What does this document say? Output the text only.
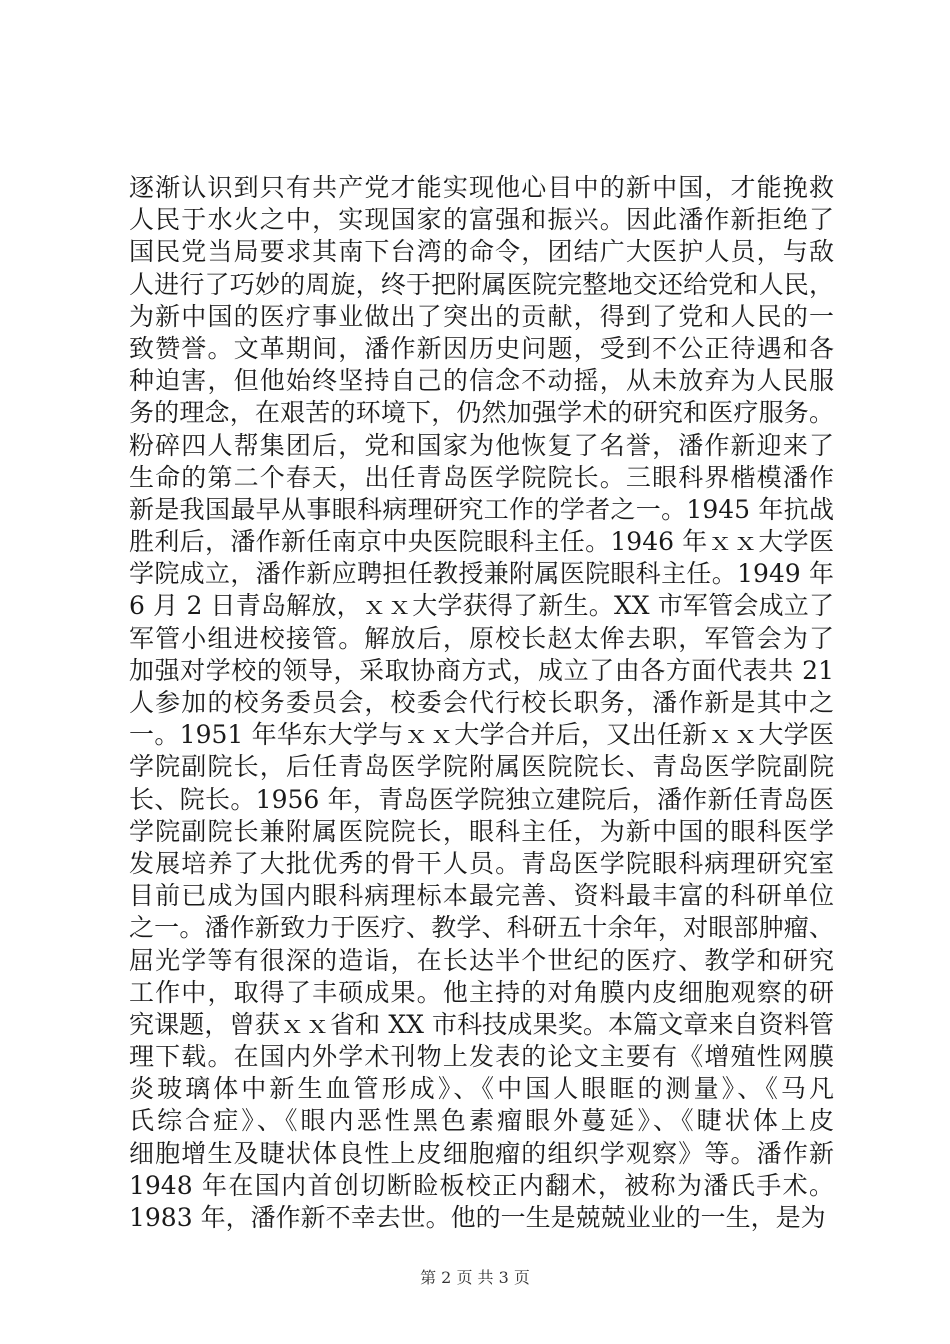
逐渐认识到只有共产党才能实现他心目中的新中国，才能挽救
人民于水火之中，实现国家的富强和振兴。因此潘作新拒绝了
国民党当局要求其南下台湾的命令，团结广大医护人员，与敌
人进行了巧妙的周旋，终于把附属医院完整地交还给党和人民，
为新中国的医疗事业做出了突出的贡献，得到了党和人民的一
致赞誉。文革期间，潘作新因历史问题，受到不公正待遇和各
种迫害，但他始终坚持自己的信念不动摇，从未放弃为人民服
务的理念，在艰苦的环境下，仍然加强学术的研究和医疗服务。
粉碎四人帮集团后，党和国家为他恢复了名誉，潘作新迎来了
生命的第二个春天，出任青岛医学院院长。三眼科界楷模潘作
新是我国最早从事眼科病理研究工作的学者之一。1945 年抗战
胜利后，潘作新任南京中央医院眼科主任。1946 年ｘｘ大学医
学院成立，潘作新应聘担任教授兼附属医院眼科主任。1949 年
6 月 2 日青岛解放，ｘｘ大学获得了新生。XX 市军管会成立了
军管小组进校接管。解放后，原校长赵太侔去职，军管会为了
加强对学校的领导，采取协商方式，成立了由各方面代表共 21
人参加的校务委员会，校委会代行校长职务，潘作新是其中之
一。1951 年华东大学与ｘｘ大学合并后，又出任新ｘｘ大学医
学院副院长，后任青岛医学院附属医院院长、青岛医学院副院
长、院长。1956 年，青岛医学院独立建院后，潘作新任青岛医
学院副院长兼附属医院院长，眼科主任，为新中国的眼科医学
发展培养了大批优秀的骨干人员。青岛医学院眼科病理研究室
目前已成为国内眼科病理标本最完善、资料最丰富的科研单位
之一。潘作新致力于医疗、教学、科研五十余年，对眼部肿瘤、
屈光学等有很深的造诣，在长达半个世纪的医疗、教学和研究
工作中，取得了丰硕成果。他主持的对角膜内皮细胞观察的研
究课题，曾获ｘｘ省和 XX 市科技成果奖。本篇文章来自资料管
理下载。在国内外学术刊物上发表的论文主要有《增殖性网膜
炎玻璃体中新生血管形成》、《中国人眼眶的测量》、《马凡
氏综合症》、《眼内恶性黑色素瘤眼外蔓延》、《睫状体上皮
细胞增生及睫状体良性上皮细胞瘤的组织学观察》等。潘作新
1948 年在国内首创切断睑板校正内翻术，被称为潘氏手术。
1983 年，潘作新不幸去世。他的一生是兢兢业业的一生，是为
第 2 页 共 3 页
